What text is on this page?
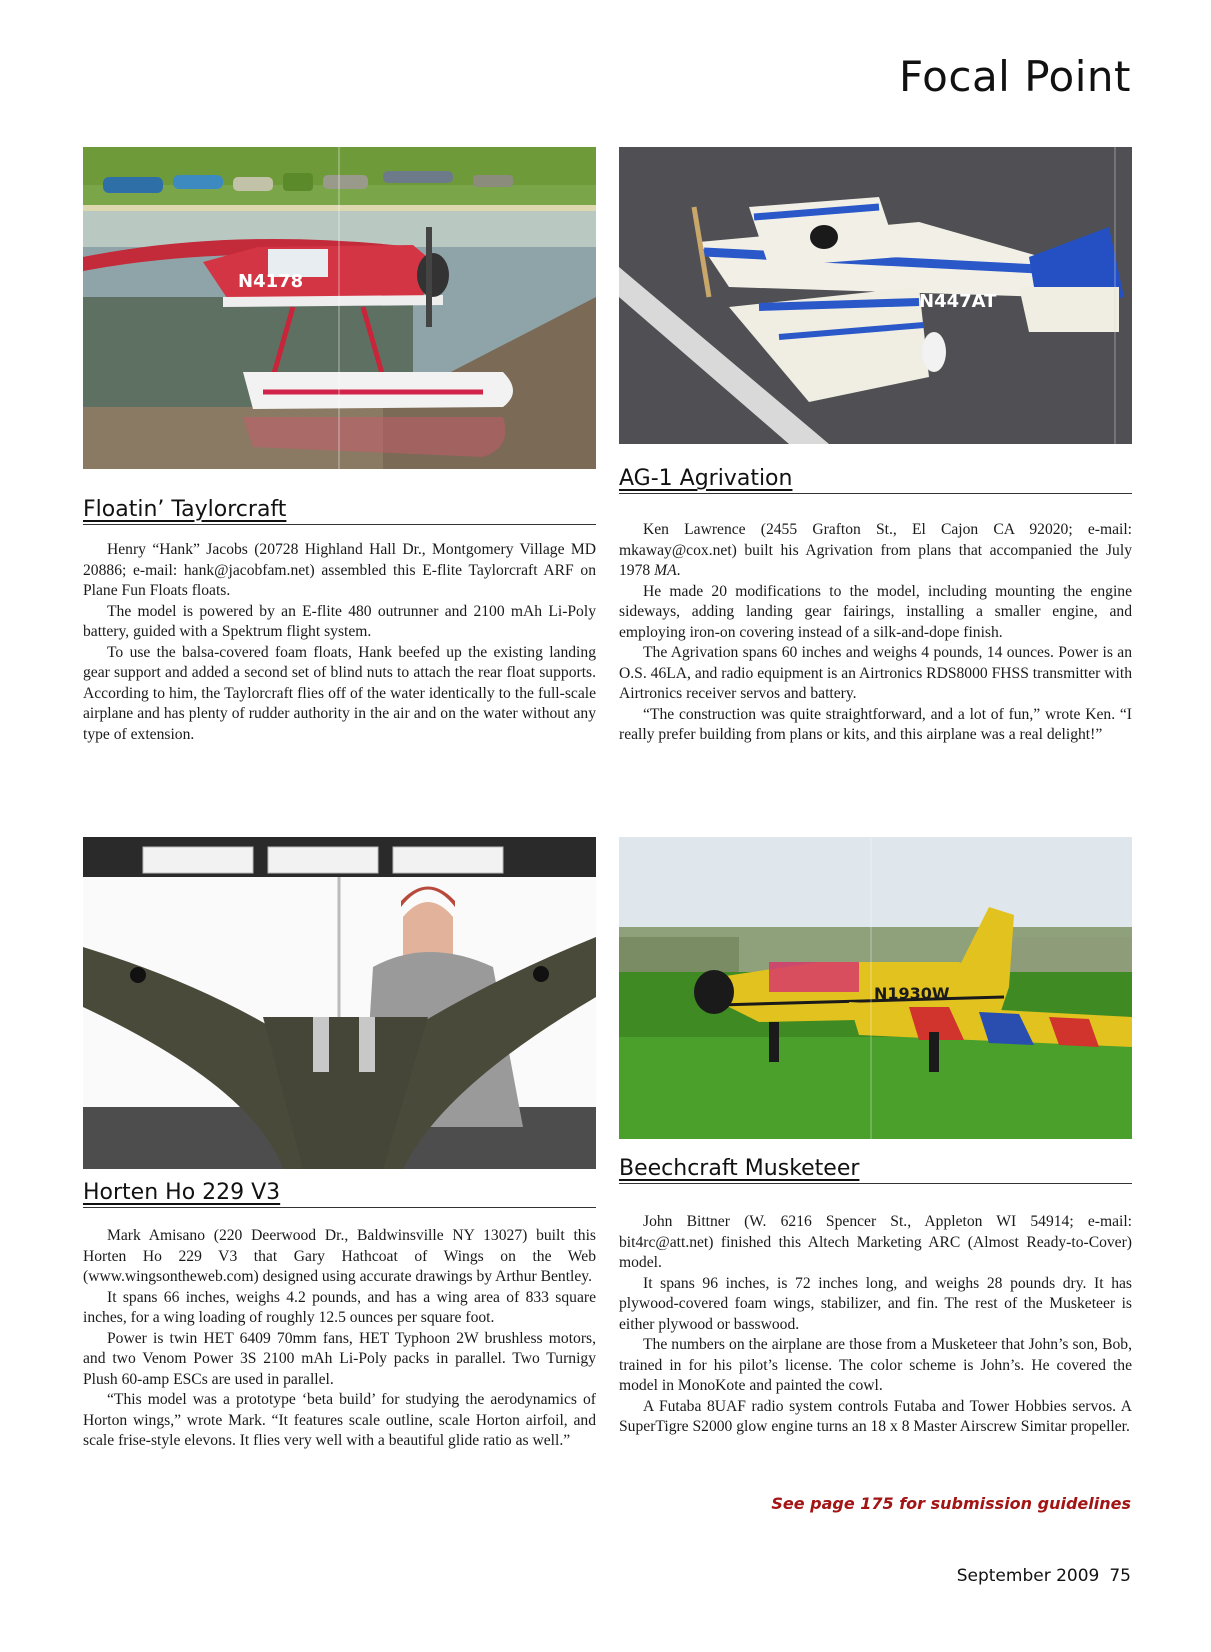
Focal Point
N4178
Floatin’ Taylorcraft

Henry “Hank” Jacobs (20728 Highland Hall Dr., Montgomery Village MD 20886; e-mail: hank@jacobfam.net) assembled this E-flite Taylorcraft ARF on Plane Fun Floats floats.

The model is powered by an E-flite 480 outrunner and 2100 mAh Li-Poly battery, guided with a Spektrum flight system.

To use the balsa-covered foam floats, Hank beefed up the existing landing gear support and added a second set of blind nuts to attach the rear float supports. According to him, the Taylorcraft flies off of the water identically to the full-scale airplane and has plenty of rudder authority in the air and on the water without any type of extension.

N447AT
AG-1 Agrivation

Ken Lawrence (2455 Grafton St., El Cajon CA 92020; e-mail: mkaway@cox.net) built his Agrivation from plans that accompanied the July 1978 MA.

He made 20 modifications to the model, including mounting the engine sideways, adding landing gear fairings, installing a smaller engine, and employing iron-on covering instead of a silk-and-dope finish.

The Agrivation spans 60 inches and weighs 4 pounds, 14 ounces. Power is an O.S. 46LA, and radio equipment is an Airtronics RDS8000 FHSS transmitter with Airtronics receiver servos and battery.

“The construction was quite straightforward, and a lot of fun,” wrote Ken. “I really prefer building from plans or kits, and this airplane was a real delight!”

Horten Ho 229 V3

Mark Amisano (220 Deerwood Dr., Baldwinsville NY 13027) built this Horten Ho 229 V3 that Gary Hathcoat of Wings on the Web (www.wingsontheweb.com) designed using accurate drawings by Arthur Bentley.

It spans 66 inches, weighs 4.2 pounds, and has a wing area of 833 square inches, for a wing loading of roughly 12.5 ounces per square foot.

Power is twin HET 6409 70mm fans, HET Typhoon 2W brushless motors, and two Venom Power 3S 2100 mAh Li-Poly packs in parallel. Two Turnigy Plush 60-amp ESCs are used in parallel.

“This model was a prototype ‘beta build’ for studying the aerodynamics of Horton wings,” wrote Mark. “It features scale outline, scale Horton airfoil, and scale frise-style elevons. It flies very well with a beautiful glide ratio as well.”

N1930W
Beechcraft Musketeer

John Bittner (W. 6216 Spencer St., Appleton WI 54914; e-mail: bit4rc@att.net) finished this Altech Marketing ARC (Almost Ready-to-Cover) model.

It spans 96 inches, is 72 inches long, and weighs 28 pounds dry. It has plywood-covered foam wings, stabilizer, and fin. The rest of the Musketeer is either plywood or basswood.

The numbers on the airplane are those from a Musketeer that John’s son, Bob, trained in for his pilot’s license. The color scheme is John’s. He covered the model in MonoKote and painted the cowl.

A Futaba 8UAF radio system controls Futaba and Tower Hobbies servos. A SuperTigre S2000 glow engine turns an 18 x 8 Master Airscrew Simitar propeller.

See page 175 for submission guidelines
September 2009 75
